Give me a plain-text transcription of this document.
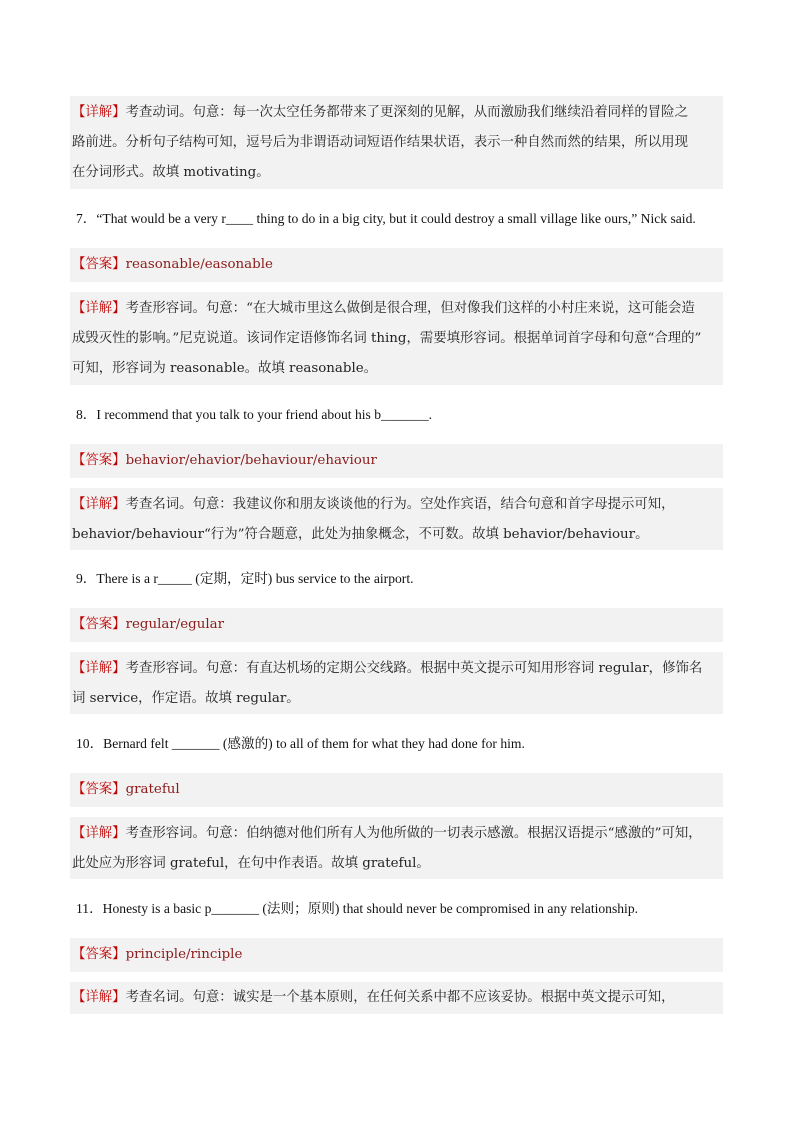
【详解】考查动词。句意：每一次太空任务都带来了更深刻的见解，从而激励我们继续沿着同样的冒险之
路前进。分析句子结构可知，逗号后为非谓语动词短语作结果状语，表示一种自然而然的结果，所以用现
在分词形式。故填 motivating。
7．“That would be a very r____ thing to do in a big city, but it could destroy a small village like ours,” Nick said.
【答案】reasonable/easonable
【详解】考查形容词。句意：“在大城市里这么做倒是很合理，但对像我们这样的小村庄来说，这可能会造
成毁灭性的影响。”尼克说道。该词作定语修饰名词 thing，需要填形容词。根据单词首字母和句意“合理的”
可知，形容词为 reasonable。故填 reasonable。
8．I recommend that you talk to your friend about his b_______.
【答案】behavior/ehavior/behaviour/ehaviour
【详解】考查名词。句意：我建议你和朋友谈谈他的行为。空处作宾语，结合句意和首字母提示可知，
behavior/behaviour“行为”符合题意，此处为抽象概念，不可数。故填 behavior/behaviour。
9．There is a r_____ (定期，定时) bus service to the airport.
【答案】regular/egular
【详解】考查形容词。句意：有直达机场的定期公交线路。根据中英文提示可知用形容词 regular，修饰名
词 service，作定语。故填 regular。
10．Bernard felt _______ (感激的) to all of them for what they had done for him.
【答案】grateful
【详解】考查形容词。句意：伯纳德对他们所有人为他所做的一切表示感激。根据汉语提示“感激的”可知，
此处应为形容词 grateful，在句中作表语。故填 grateful。
11．Honesty is a basic p_______ (法则；原则) that should never be compromised in any relationship.
【答案】principle/rinciple
【详解】考查名词。句意：诚实是一个基本原则，在任何关系中都不应该妥协。根据中英文提示可知，
